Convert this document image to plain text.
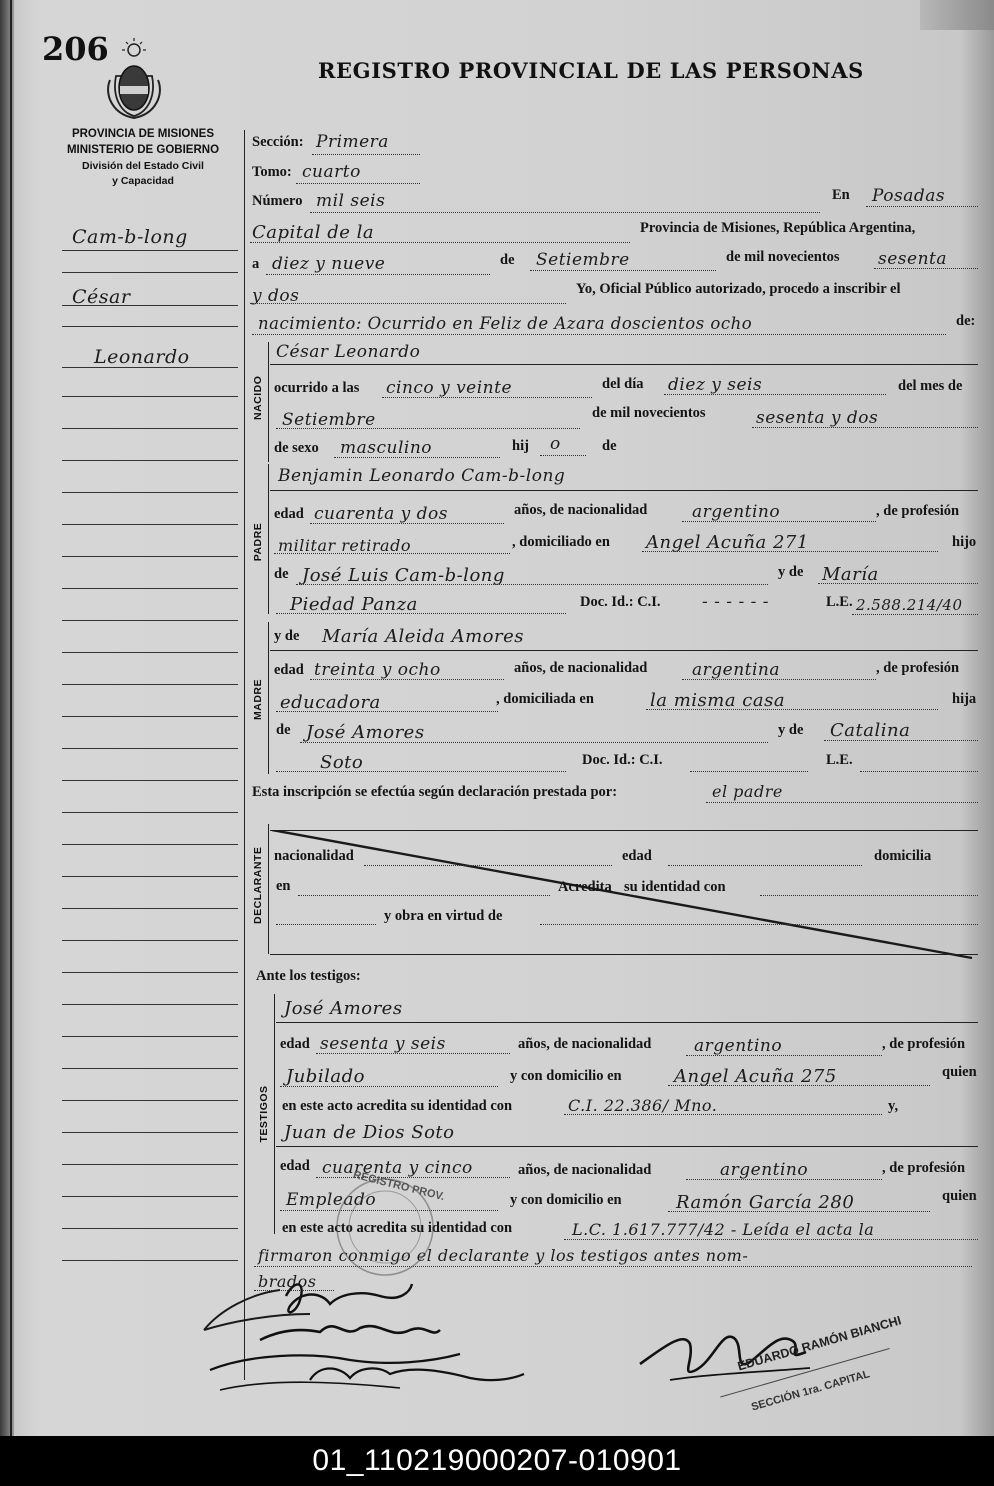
206
REGISTRO PROVINCIAL DE LAS PERSONAS
PROVINCIA DE MISIONES
MINISTERIO DE GOBIERNO
División del Estado Civil
y Capacidad
Cam-b-long
César
Leonardo
Sección: Primera
Tomo: cuarto
Número mil seis	En Posadas
Capital de la	Provincia de Misiones, República Argentina,
a diez y nueve	de Setiembre	de mil novecientos sesenta
y dos	Yo, Oficial Público autorizado, procedo a inscribir el
nacimiento: Ocurrido en Feliz de Azara doscientos ocho	de:
NACIDO
César Leonardo
ocurrido a las cinco y veinte	del día diez y seis	del mes de
Setiembre	de mil novecientos	sesenta y dos
de sexo masculino	hij o	de
PADRE
Benjamin Leonardo Cam-b-long
edad cuarenta y dos	años, de nacionalidad	argentino	, de profesión
militar retirado	, domiciliado en Angel Acuña 271	hijo
de José Luis Cam-b-long	y de María
Piedad Panza	Doc. Id.: C.I. - - - - - -	L.E. 2.588.214/40
MADRE
y de María Aleida Amores
edad treinta y ocho	años, de nacionalidad	argentina	, de profesión
educadora	, domiciliada en	la misma casa	hija
de José Amores	y de Catalina
Soto	Doc. Id.: C.I.	L.E.
Esta inscripción se efectúa según declaración prestada por:	el padre
DECLARANTE nacionalidad	edad	domicilia
en	Acredita su identidad con
y obra en virtud de
Ante los testigos:
TESTIGOS
José Amores
edad sesenta y seis	años, de nacionalidad	argentino	, de profesión
Jubilado	y con domicilio en	Angel Acuña 275	quien
en este acto acredita su identidad con	C.I. 22.386/ Mno.	y,
Juan de Dios Soto
edad cuarenta y cinco	años, de nacionalidad	argentino	, de profesión
Empleado	y con domicilio en	Ramón García 280	quien
en este acto acredita su identidad con	L.C. 1.617.777/42 - Leída el acta la
firmaron conmigo el declarante y los testigos antes nom-
brados
REGISTRO PROV.
EDUARDO RAMÓN BIANCHI
SECCIÓN 1ra. CAPITAL
01_110219000207-010901
